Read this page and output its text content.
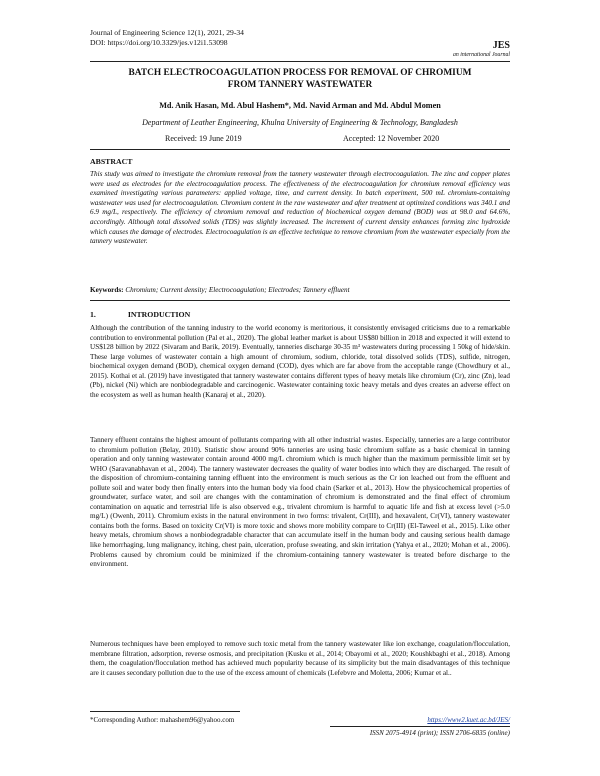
Journal of Engineering Science 12(1), 2021, 29-34
DOI: https://doi.org/10.3329/jes.v12i1.53098	JES
an international Journal
BATCH ELECTROCOAGULATION PROCESS FOR REMOVAL OF CHROMIUM
FROM TANNERY WASTEWATER
Md. Anik Hasan, Md. Abul Hashem*, Md. Navid Arman and Md. Abdul Momen
Department of Leather Engineering, Khulna University of Engineering & Technology, Bangladesh
Received: 19 June 2019	Accepted: 12 November 2020
ABSTRACT
This study was aimed to investigate the chromium removal from the tannery wastewater through electrocoagulation. The zinc and copper plates were used as electrodes for the electrocoagulation process. The effectiveness of the electrocoagulation for chromium removal efficiency was examined investigating various parameters: applied voltage, time, and current density. In batch experiment, 500 mL chromium-containing wastewater was used for electrocoagulation. Chromium content in the raw wastewater and after treatment at optimized conditions was 340.1 and 6.9 mg/L, respectively. The efficiency of chromium removal and reduction of biochemical oxygen demand (BOD) was at 98.0 and 64.6%, accordingly. Although total dissolved solids (TDS) was slightly increased. The increment of current density enhances forming zinc hydroxide which causes the damage of electrodes. Electrocoagulation is an effective technique to remove chromium from the wastewater especially from the tannery wastewater.
Keywords: Chromium; Current density; Electrocoagulation; Electrodes; Tannery effluent
1.	INTRODUCTION
Although the contribution of the tanning industry to the world economy is meritorious, it consistently envisaged criticisms due to a remarkable contribution to environmental pollution (Pal et al., 2020). The global leather market is about US$80 billion in 2018 and expected it will extend to US$128 billion by 2022 (Sivaram and Barik, 2019). Eventually, tanneries discharge 30-35 m³ wastewaters during processing 1 50kg of hide/skin. These large volumes of wastewater contain a high amount of chromium, sodium, chloride, total dissolved solids (TDS), sulfide, nitrogen, biochemical oxygen demand (BOD), chemical oxygen demand (COD), dyes which are far above from the acceptable range (Chowdhury et al., 2015). Kothai et al. (2019) have investigated that tannery wastewater contains different types of heavy metals like chromium (Cr), zinc (Zn), lead (Pb), nickel (Ni) which are nonbiodegradable and carcinogenic. Wastewater containing toxic heavy metals and dyes creates an adverse effect on the ecosystem as well as human health (Kanaraj et al., 2020).
Tannery effluent contains the highest amount of pollutants comparing with all other industrial wastes. Especially, tanneries are a large contributor to chromium pollution (Belay, 2010). Statistic show around 90% tanneries are using basic chromium sulfate as a basic chemical in tanning operation and only tanning wastewater contain around 4000 mg/L chromium which is much higher than the maximum permissible limit set by WHO (Saravanabhavan et al., 2004). The tannery wastewater decreases the quality of water bodies into which they are discharged. The result of the disposition of chromium-containing tanning effluent into the environment is much serious as the Cr ion leached out from the effluent and pollute soil and water body then finally enters into the human body via food chain (Sarker et al., 2013). How the physicochemical properties of groundwater, surface water, and soil are changes with the contamination of chromium is demonstrated and the final effect of chromium contamination on aquatic and terrestrial life is also observed e.g., trivalent chromium is harmful to aquatic life and fish at excess level (>5.0 mg/L) (Owenh, 2011). Chromium exists in the natural environment in two forms: trivalent, Cr(III), and hexavalent, Cr(VI), tannery wastewater contains both the forms. Based on toxicity Cr(VI) is more toxic and shows more mobility compare to Cr(III) (El-Taweel et al., 2015). Like other heavy metals, chromium shows a nonbiodegradable character that can accumulate itself in the human body and causing serious health damage like hemorrhaging, lung malignancy, itching, chest pain, ulceration, profuse sweating, and skin irritation (Yahya et al., 2020; Mohan et al., 2006). Problems caused by chromium could be minimized if the chromium-containing tannery wastewater is treated before discharge to the environment.
Numerous techniques have been employed to remove such toxic metal from the tannery wastewater like ion exchange, coagulation/flocculation, membrane filtration, adsorption, reverse osmosis, and precipitation (Kusku et al., 2014; Obayomi et al., 2020; Koushkbaghi et al., 2018). Among them, the coagulation/flocculation method has achieved much popularity because of its simplicity but the main disadvantages of this technique are it causes secondary pollution due to the use of the excess amount of chemicals (Lefebvre and Moletta, 2006; Kumar et al..
*Corresponding Author: mahashem96@yahoo.com	https://www2.kuet.ac.bd/JES/
ISSN 2075-4914 (print); ISSN 2706-6835 (online)
